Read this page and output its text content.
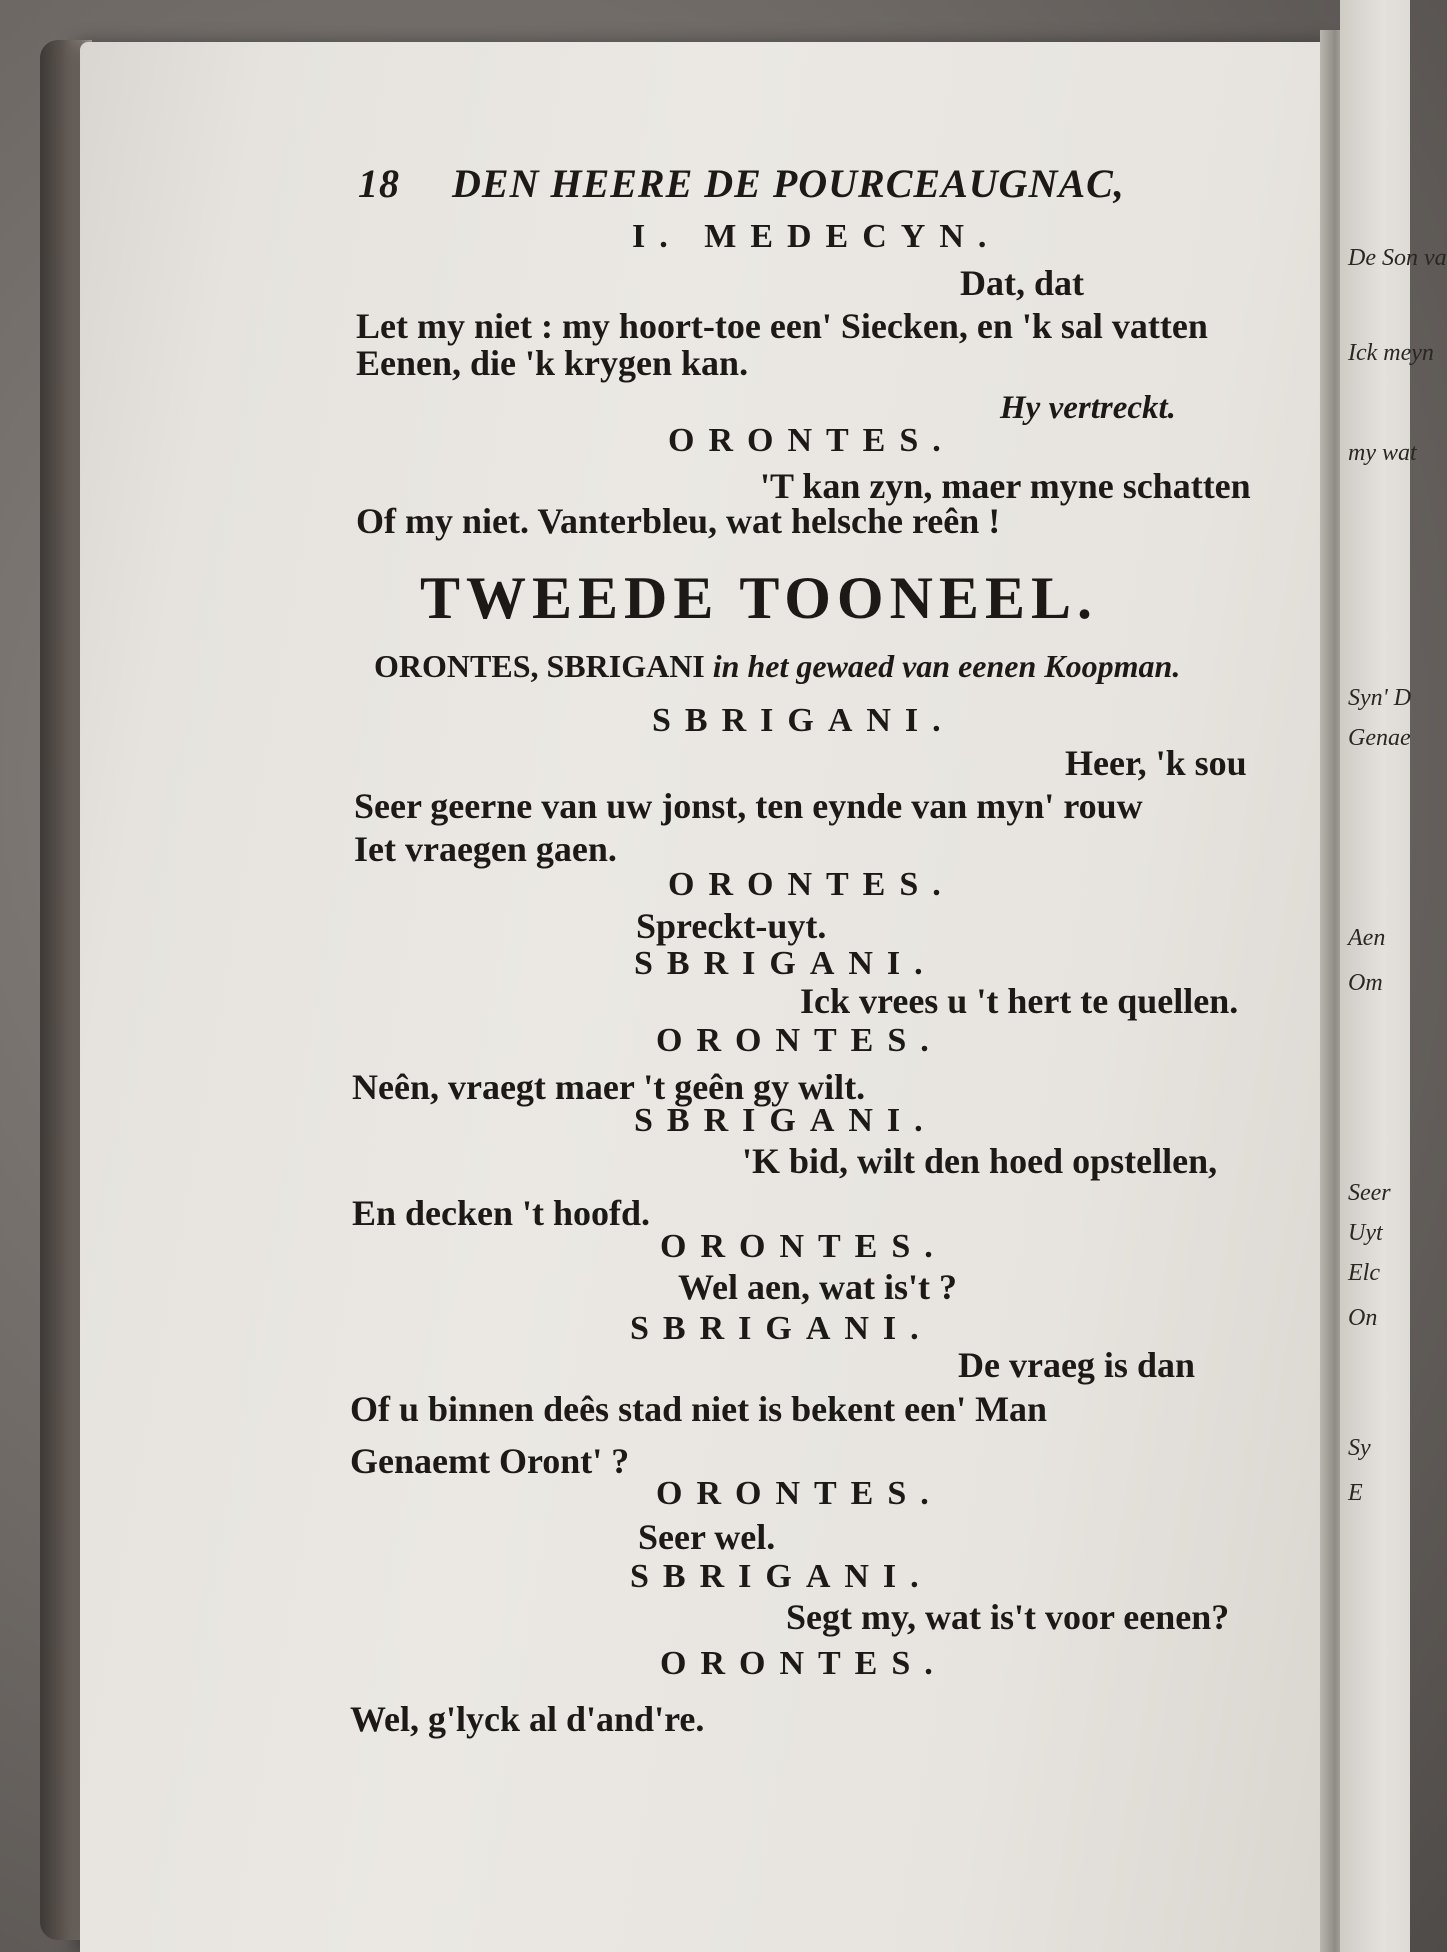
De Son va
Ick meyn
my wat
Syn' D
Genae
Aen
Om
Seer
Uyt
Elc
On
Sy
E
18 DEN HEERE DE POURCEAUGNAC,
I. MEDECYN.
Dat, dat
Let my niet : my hoort-toe een' Siecken, en 'k sal vatten
Eenen, die 'k krygen kan.
Hy vertreckt.
ORONTES.
'T kan zyn, maer myne schatten
Of my niet. Vanterbleu, wat helsche reên !
TWEEDE TOONEEL.
ORONTES, SBRIGANI in het gewaed van eenen Koopman.
SBRIGANI.
Heer, 'k sou
Seer geerne van uw jonst, ten eynde van myn' rouw
Iet vraegen gaen.
ORONTES.
Spreckt-uyt.
SBRIGANI.
Ick vrees u 't hert te quellen.
ORONTES.
Neên, vraegt maer 't geên gy wilt.
SBRIGANI.
'K bid, wilt den hoed opstellen,
En decken 't hoofd.
ORONTES.
Wel aen, wat is't ?
SBRIGANI.
De vraeg is dan
Of u binnen deês stad niet is bekent een' Man
Genaemt Oront' ?
ORONTES.
Seer wel.
SBRIGANI.
Segt my, wat is't voor eenen?
ORONTES.
Wel, g'lyck al d'and're.
